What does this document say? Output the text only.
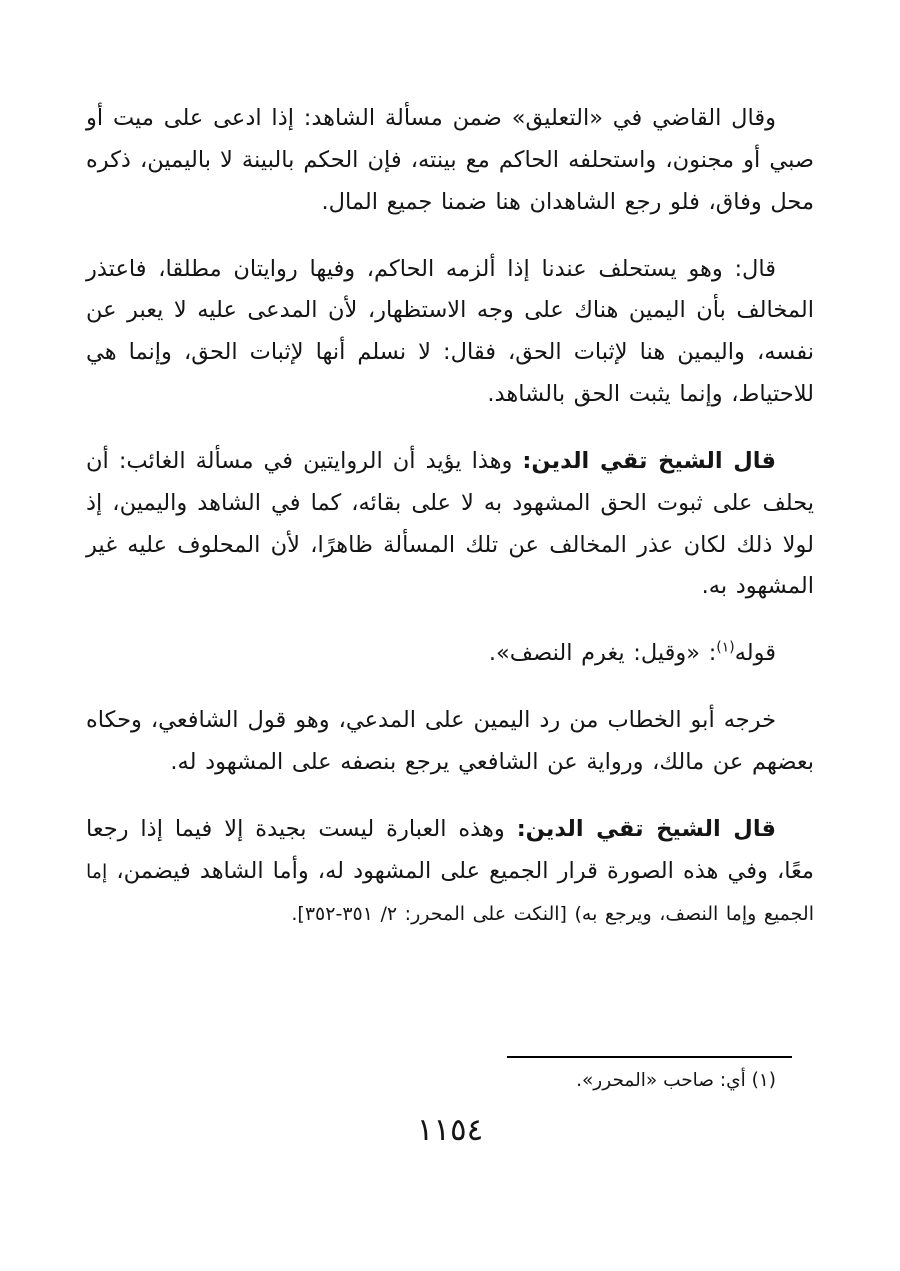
وقال القاضي في «التعليق» ضمن مسألة الشاهد: إذا ادعى على ميت أو صبي أو مجنون، واستحلفه الحاكم مع بينته، فإن الحكم بالبينة لا باليمين، ذكره محل وفاق، فلو رجع الشاهدان هنا ضمنا جميع المال.

قال: وهو يستحلف عندنا إذا ألزمه الحاكم، وفيها روايتان مطلقا، فاعتذر المخالف بأن اليمين هناك على وجه الاستظهار، لأن المدعى عليه لا يعبر عن نفسه، واليمين هنا لإثبات الحق، فقال: لا نسلم أنها لإثبات الحق، وإنما هي للاحتياط، وإنما يثبت الحق بالشاهد.

قال الشيخ تقي الدين: وهذا يؤيد أن الروايتين في مسألة الغائب: أن يحلف على ثبوت الحق المشهود به لا على بقائه، كما في الشاهد واليمين، إذ لولا ذلك لكان عذر المخالف عن تلك المسألة ظاهرًا، لأن المحلوف عليه غير المشهود به.

قوله$^{(١)}$: «وقيل: يغرم النصف».

خرجه أبو الخطاب من رد اليمين على المدعي، وهو قول الشافعي، وحكاه بعضهم عن مالك، ورواية عن الشافعي يرجع بنصفه على المشهود له.

قال الشيخ تقي الدين: وهذه العبارة ليست بجيدة إلا فيما إذا رجعا معًا، وفي هذه الصورة قرار الجميع على المشهود له، وأما الشاهد فيضمن، إما الجميع وإما النصف، ويرجع به) [النكت على المحرر: ٢/ ٣٥١-٣٥٢].

(١) أي: صاحب «المحرر».
١١٥٤
